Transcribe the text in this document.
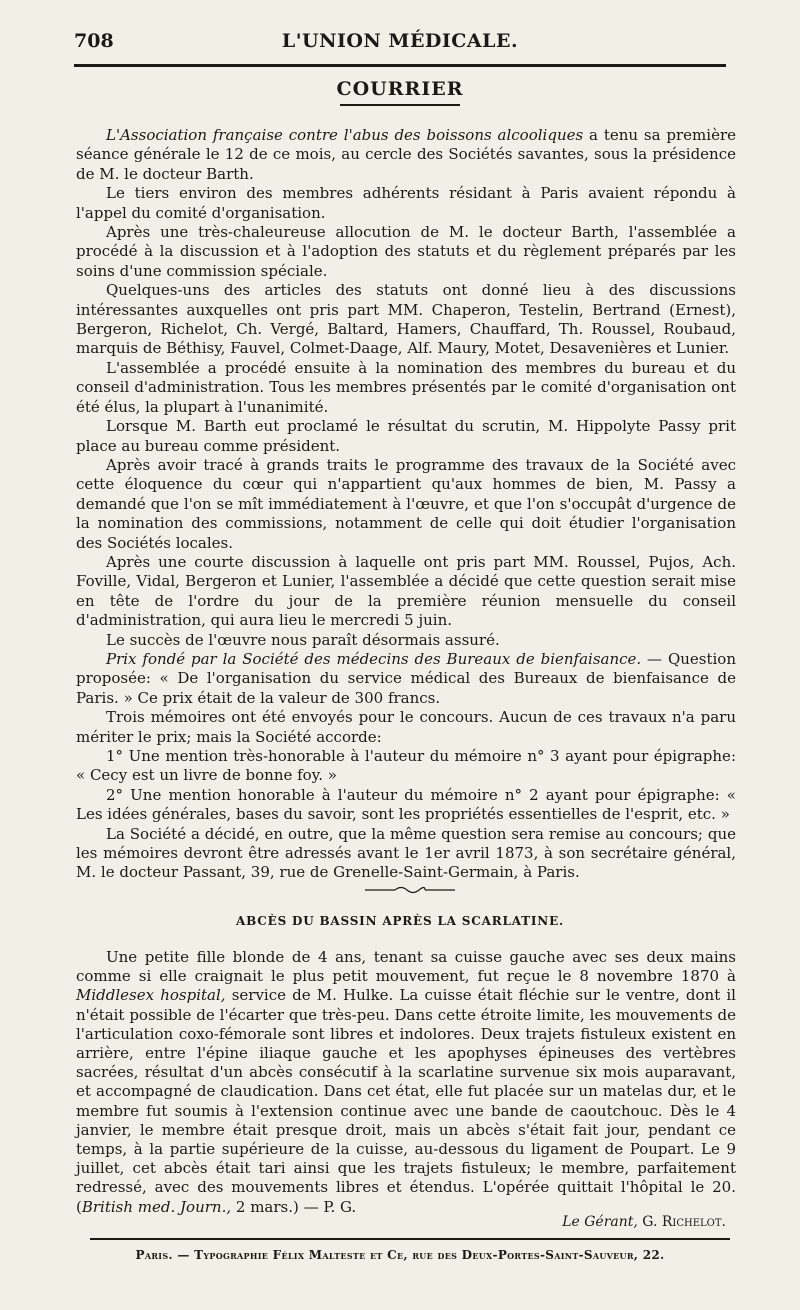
708	L'UNION MÉDICALE.
COURRIER

L'Association française contre l'abus des boissons alcooliques a tenu sa première séance générale le 12 de ce mois, au cercle des Sociétés savantes, sous la présidence de M. le docteur Barth.

Le tiers environ des membres adhérents résidant à Paris avaient répondu à l'appel du comité d'organisation.

Après une très-chaleureuse allocution de M. le docteur Barth, l'assemblée a procédé à la discussion et à l'adoption des statuts et du règlement préparés par les soins d'une commission spéciale.

Quelques-uns des articles des statuts ont donné lieu à des discussions intéressantes auxquelles ont pris part MM. Chaperon, Testelin, Bertrand (Ernest), Bergeron, Richelot, Ch. Vergé, Baltard, Hamers, Chauffard, Th. Roussel, Roubaud, marquis de Béthisy, Fauvel, Colmet-Daage, Alf. Maury, Motet, Desavenières et Lunier.

L'assemblée a procédé ensuite à la nomination des membres du bureau et du conseil d'administration. Tous les membres présentés par le comité d'organisation ont été élus, la plupart à l'unanimité.

Lorsque M. Barth eut proclamé le résultat du scrutin, M. Hippolyte Passy prit place au bureau comme président.

Après avoir tracé à grands traits le programme des travaux de la Société avec cette éloquence du cœur qui n'appartient qu'aux hommes de bien, M. Passy a demandé que l'on se mît immédiatement à l'œuvre, et que l'on s'occupât d'urgence de la nomination des commissions, notamment de celle qui doit étudier l'organisation des Sociétés locales.

Après une courte discussion à laquelle ont pris part MM. Roussel, Pujos, Ach. Foville, Vidal, Bergeron et Lunier, l'assemblée a décidé que cette question serait mise en tête de l'ordre du jour de la première réunion mensuelle du conseil d'administration, qui aura lieu le mercredi 5 juin.

Le succès de l'œuvre nous paraît désormais assuré.

Prix fondé par la Société des médecins des Bureaux de bienfaisance. — Question proposée: « De l'organisation du service médical des Bureaux de bienfaisance de Paris. » Ce prix était de la valeur de 300 francs.

Trois mémoires ont été envoyés pour le concours. Aucun de ces travaux n'a paru mériter le prix; mais la Société accorde:

1° Une mention très-honorable à l'auteur du mémoire n° 3 ayant pour épigraphe: « Cecy est un livre de bonne foy. »

2° Une mention honorable à l'auteur du mémoire n° 2 ayant pour épigraphe: « Les idées générales, bases du savoir, sont les propriétés essentielles de l'esprit, etc. »

La Société a décidé, en outre, que la même question sera remise au concours; que les mémoires devront être adressés avant le 1er avril 1873, à son secrétaire général, M. le docteur Passant, 39, rue de Grenelle-Saint-Germain, à Paris.

ABCÈS DU BASSIN APRÈS LA SCARLATINE.

Une petite fille blonde de 4 ans, tenant sa cuisse gauche avec ses deux mains comme si elle craignait le plus petit mouvement, fut reçue le 8 novembre 1870 à Middlesex hospital, service de M. Hulke. La cuisse était fléchie sur le ventre, dont il n'était possible de l'écarter que très-peu. Dans cette étroite limite, les mouvements de l'articulation coxo-fémorale sont libres et indolores. Deux trajets fistuleux existent en arrière, entre l'épine iliaque gauche et les apophyses épineuses des vertèbres sacrées, résultat d'un abcès consécutif à la scarlatine survenue six mois auparavant, et accompagné de claudication. Dans cet état, elle fut placée sur un matelas dur, et le membre fut soumis à l'extension continue avec une bande de caoutchouc. Dès le 4 janvier, le membre était presque droit, mais un abcès s'était fait jour, pendant ce temps, à la partie supérieure de la cuisse, au-dessous du ligament de Poupart. Le 9 juillet, cet abcès était tari ainsi que les trajets fistuleux; le membre, parfaitement redressé, avec des mouvements libres et étendus. L'opérée quittait l'hôpital le 20. (British med. Journ., 2 mars.) — P. G.

Le Gérant, G. Richelot.
Paris. — Typographie Félix Malteste et Ce, rue des Deux-Portes-Saint-Sauveur, 22.
